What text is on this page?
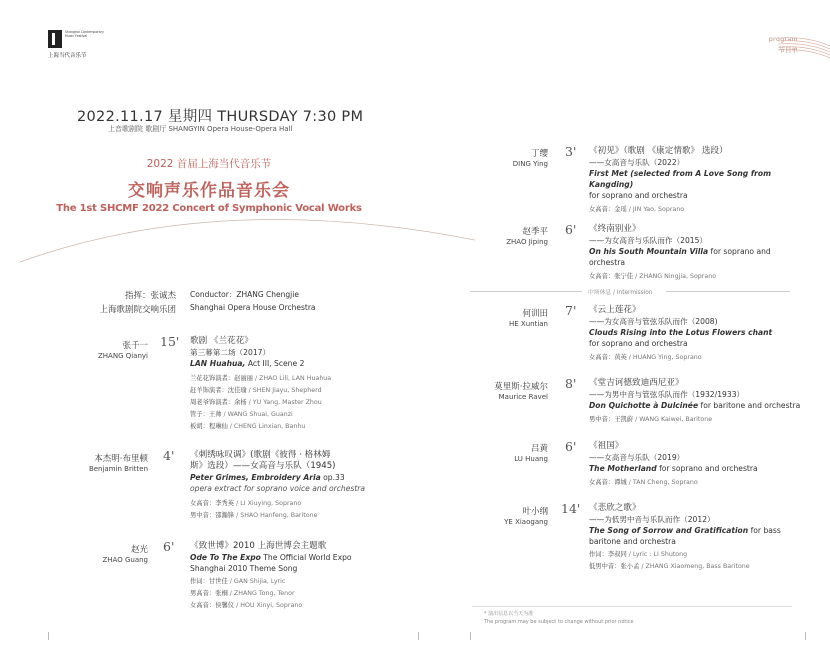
Shanghai Contemporary Music Festival
上海当代音乐节
program
节目单
2022.11.17 星期四 THURSDAY 7:30 PM
上音歌剧院 歌剧厅 SHANGYIN Opera House-Opera Hall
2022 首届上海当代音乐节
交响声乐作品音乐会
The 1st SHCMF 2022 Concert of Symphonic Vocal Works
指挥：张诚杰
上海歌剧院交响乐团
Conductor：ZHANG Chengjie
Shanghai Opera House Orchestra
张千一
ZHANG Qianyi
15' 歌剧 《兰花花》
第三幕第二场（2017）
LAN Huahua, Act III, Scene 2
兰花花饰演者：赵丽丽 / ZHAO Lili, LAN Huahua
赶羊饰演者：沈佳瑜 / SHEN Jiayu, Shepherd
周老爷饰演者：余杨 / YU Yang, Master Zhou
管子：王帅 / WANG Shuai, Guanzi
板胡：程琳仙 / CHENG Linxian, Banhu
本杰明·布里顿
Benjamin Britten
4' 《刺绣咏叹调》(歌剧《彼得 · 格林姆
斯》选段）——女高音与乐队（1945)
Peter Grimes, Embroidery Aria op.33
opera extract for soprano voice and orchestra
女高音：李秀英 / LI Xiuying, Soprano
男中音：邵瀚锋 / SHAO Hanfeng, Baritone
赵光
ZHAO Guang
6' 《致世博》2010 上海世博会主题歌
Ode To The Expo The Official World Expo
Shanghai 2010 Theme Song
作词：甘世佳 / GAN Shijia, Lyric
男高音：张桐 / ZHANG Tong, Tenor
女高音：侯馨仪 / HOU Xinyi, Soprano
丁缨
DING Ying
3' 《初见》（歌剧 《康定情歌》 选段）
——女高音与乐队（2022）
First Met (selected from A Love Song from Kangding)
for soprano and orchestra
女高音：金瑶 / JIN Yao, Soprano
赵季平
ZHAO Jiping
6' 《终南别业》
——为女高音与乐队而作（2015）
On his South Mountain Villa for soprano and orchestra
女高音：张宁佳 / ZHANG Ningjia, Soprano
中场休息 / Intermission
何训田
HE Xuntian
7' 《云上莲花》
——为女高音与管弦乐队而作（2008)
Clouds Rising into the Lotus Flowers chant
for soprano and orchestra
女高音：黄英 / HUANG Ying, Soprano
莫里斯·拉威尔
Maurice Ravel
8' 《堂吉诃德致迪西尼亚》
——为男中音与管弦乐队而作（1932/1933）
Don Quichotte à Dulcinée for baritone and orchestra
男中音：王凯蔚 / WANG Kaiwei, Baritone
吕黄
LU Huang
6' 《祖国》
——女高音与乐队（2019）
The Motherland for soprano and orchestra
女高音：谭城 / TAN Cheng, Soprano
叶小纲
YE Xiaogang
14' 《悲欣之歌》
——为低男中音与乐队而作（2012）
The Song of Sorrow and Gratification for bass
baritone and orchestra
作词：李叔同 / Lyric : LI Shutong
低男中音：张小孟 / ZHANG Xiaomeng, Bass Baritone
* 演出信息以当天为准
The program may be subject to change without prior notice
